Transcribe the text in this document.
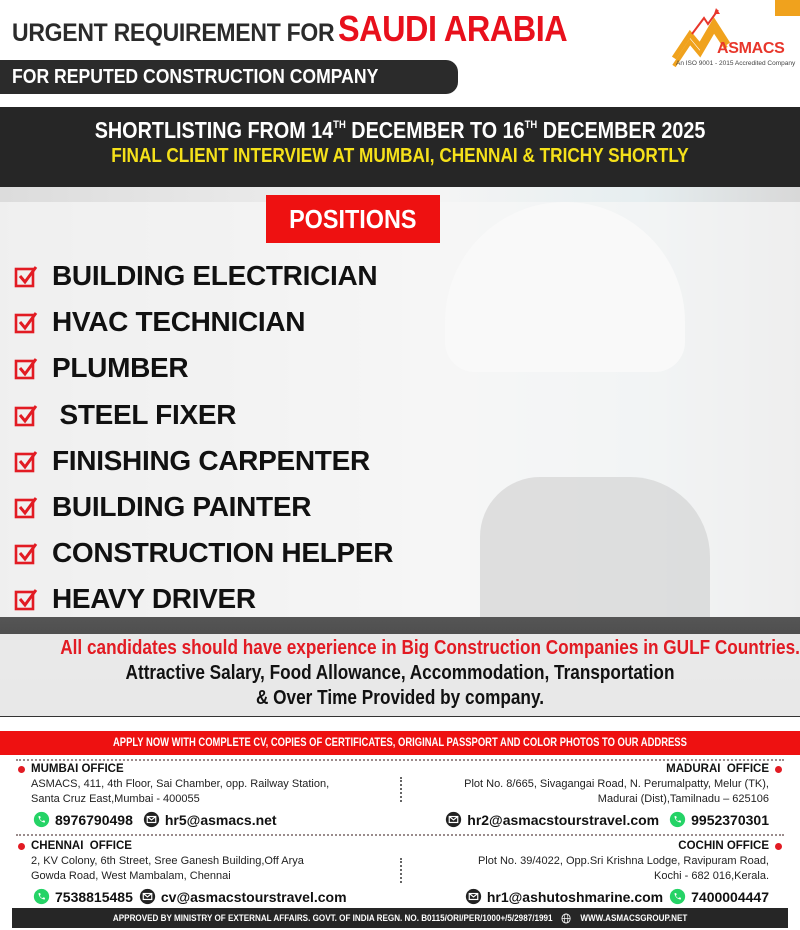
URGENT REQUIREMENT FOR SAUDI ARABIA
FOR REPUTED CONSTRUCTION COMPANY
ASMACS
An ISO 9001 - 2015 Accredited Company
SHORTLISTING FROM 14TH DECEMBER TO 16TH DECEMBER 2025
FINAL CLIENT INTERVIEW AT MUMBAI, CHENNAI & TRICHY SHORTLY
POSITIONS
BUILDING ELECTRICIAN
HVAC TECHNICIAN
PLUMBER
STEEL FIXER
FINISHING CARPENTER
BUILDING PAINTER
CONSTRUCTION HELPER
HEAVY DRIVER
All candidates should have experience in Big Construction Companies in GULF Countries.
Attractive Salary, Food Allowance, Accommodation, Transportation
& Over Time Provided by company.
APPLY NOW WITH COMPLETE CV, COPIES OF CERTIFICATES, ORIGINAL PASSPORT AND COLOR PHOTOS TO OUR ADDRESS
MUMBAI OFFICE
ASMACS, 411, 4th Floor, Sai Chamber, opp. Railway Station,
Santa Cruz East,Mumbai - 400055
8976790498 hr5@asmacs.net
MADURAI  OFFICE
Plot No. 8/665, Sivagangai Road, N. Perumalpatty, Melur (TK),
Madurai (Dist),Tamilnadu – 625106
hr2@asmacstourstravel.com 9952370301
CHENNAI  OFFICE
2, KV Colony, 6th Street, Sree Ganesh Building,Off Arya
Gowda Road, West Mambalam, Chennai
7538815485 cv@asmacstourstravel.com
COCHIN OFFICE
Plot No. 39/4022, Opp.Sri Krishna Lodge, Ravipuram Road,
Kochi - 682 016,Kerala.
hr1@ashutoshmarine.com 7400004447
APPROVED BY MINISTRY OF EXTERNAL AFFAIRS. GOVT. OF INDIA REGN. NO. B0115/ORI/PER/1000+/5/2987/1991	WWW.ASMACSGROUP.NET
